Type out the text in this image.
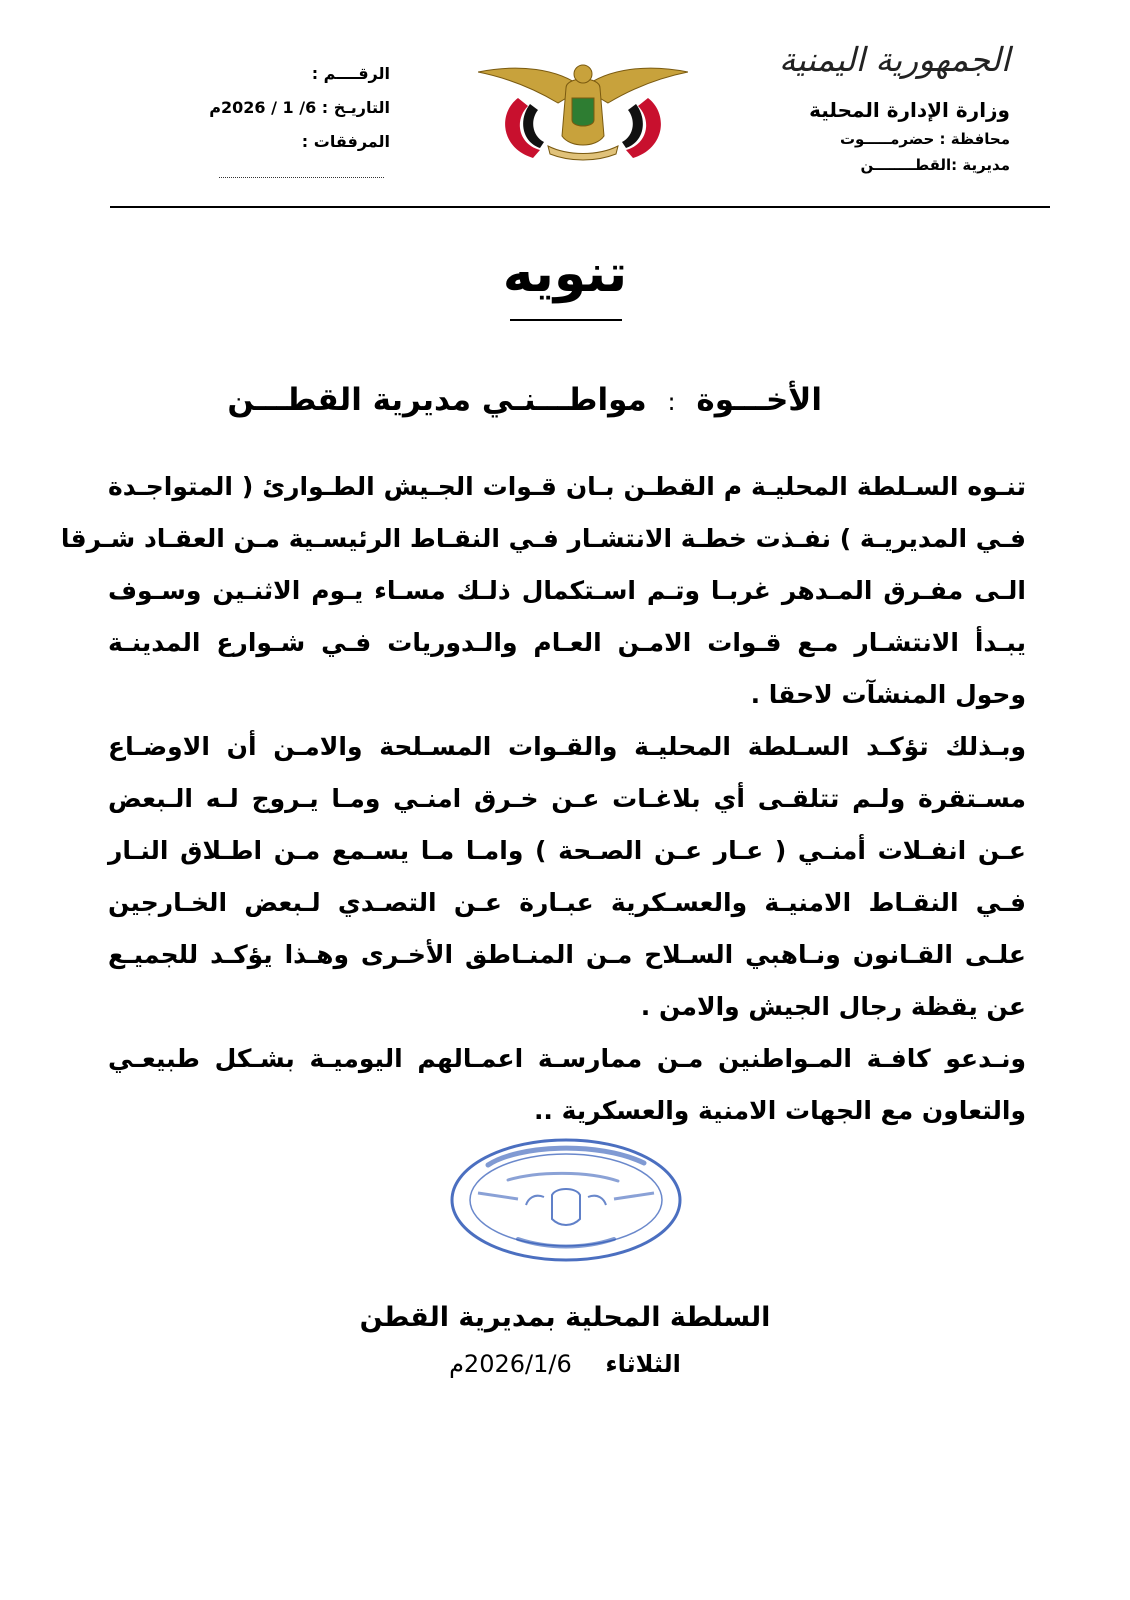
الجمهورية اليمنية
وزارة الإدارة المحلية
محافظة : حضرمـــــوت
مديرية :القطــــــــن
الرقــــم :
التاريـخ : 6/ 1 / 2026م
المرفقات :
تنويه
الأخـــوة : مواطـــنـي مديرية القطـــن
تنـوه السـلطة المحليـة م القطـن بـان قـوات الجـيش الطـوارئ ( المتواجـدة
فـي المديريـة ) نفـذت خطـة الانتشـار فـي النقـاط الرئيسـية مـن العقـاد شـرقا
الـى مفـرق المـدهر غربـا وتـم اسـتكمال ذلـك مسـاء يـوم الاثنـين وسـوف
يبـدأ الانتشـار مـع قـوات الامـن العـام والـدوريات فـي شـوارع المدينـة
وحول المنشآت لاحقا .
وبـذلك تؤكـد السـلطة المحليـة والقـوات المسـلحة والامـن أن الاوضـاع
مسـتقرة ولـم تتلقـى أي بلاغـات عـن خـرق امنـي ومـا يـروج لـه الـبعض
عـن انفـلات أمنـي ( عـار عـن الصـحة ) وامـا مـا يسـمع مـن اطـلاق النـار
فـي النقـاط الامنيـة والعسـكرية عبـارة عـن التصـدي لـبعض الخـارجين
علـى القـانون ونـاهبي السـلاح مـن المنـاطق الأخـرى وهـذا يؤكـد للجميـع
عن يقظة رجال الجيش والامن .
ونـدعو كافـة المـواطنين مـن ممارسـة اعمـالهم اليوميـة بشـكل طبيعـي
والتعاون مع الجهات الامنية والعسكرية ..
السلطة المحلية بمديرية القطن
الثلاثاء 2026/1/6م
